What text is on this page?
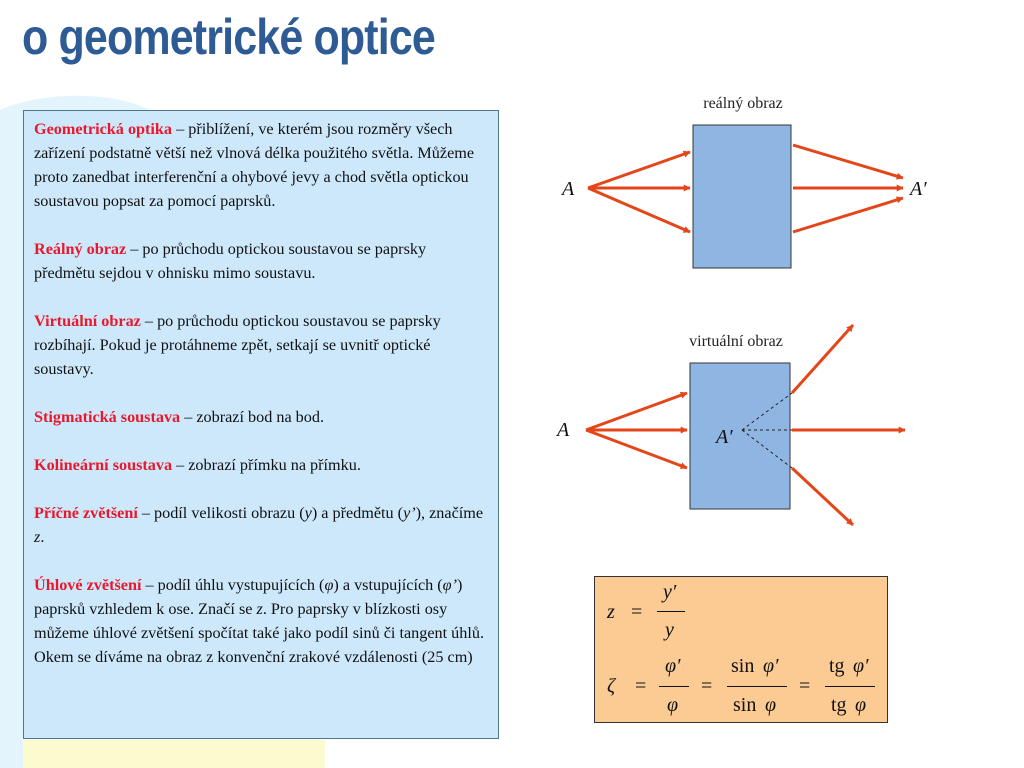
o geometrické optice

Geometrická optika – přiblížení, ve kterém jsou rozměry všech zařízení podstatně větší než vlnová délka použitého světla. Můžeme proto zanedbat interferenční a ohybové jevy a chod světla optickou soustavou popsat za pomocí paprsků.

Reálný obraz – po průchodu optickou soustavou se paprsky předmětu sejdou v ohnisku mimo soustavu.

Virtuální obraz – po průchodu optickou soustavou se paprsky rozbíhají. Pokud je protáhneme zpět, setkají se uvnitř optické soustavy.

Stigmatická soustava – zobrazí bod na bod.

Kolineární soustava – zobrazí přímku na přímku.

Příčné zvětšení – podíl velikosti obrazu (y) a předmětu (y’), značíme z.

Úhlové zvětšení – podíl úhlu vystupujících (φ) a vstupujících (φ’) paprsků vzhledem k ose. Značí se z. Pro paprsky v blízkosti osy můžeme úhlové zvětšení spočítat také jako podíl sinů či tangent úhlů. Okem se díváme na obraz z konvenční zrakové vzdálenosti (25 cm)

reálný obraz
A	A′
virtuální obraz
A	A′
z =
y′
y
ζ =
φ′
φ
=
sin φ′
sin φ
=
tg φ′
tg φ
